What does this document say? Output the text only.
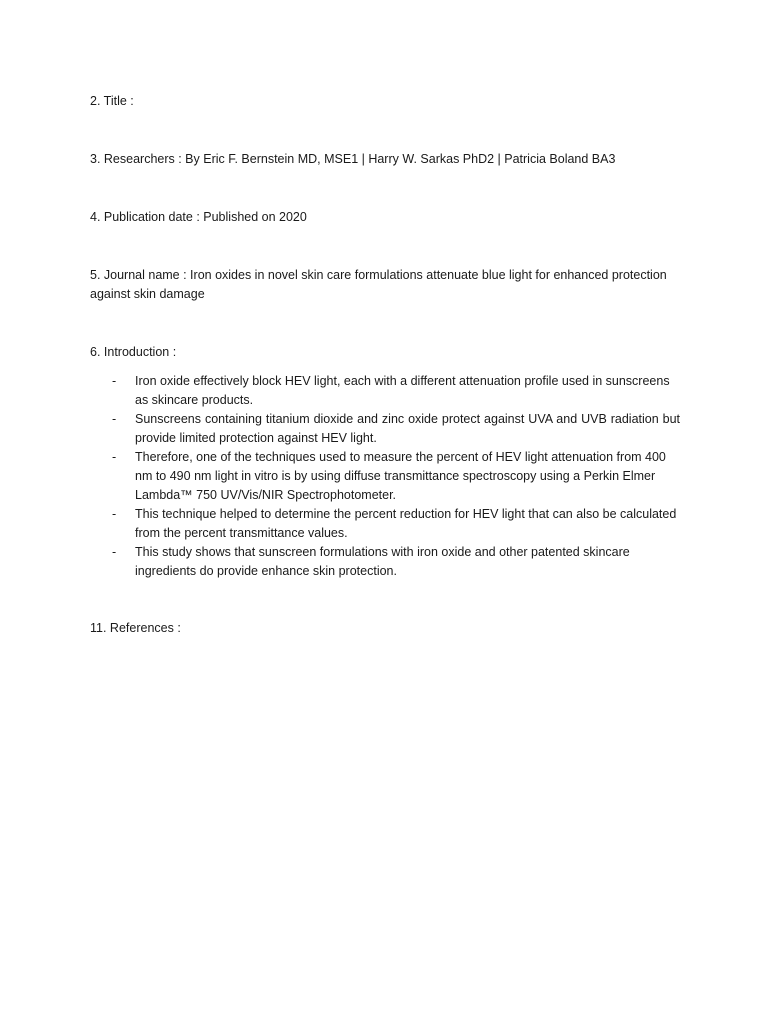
2. Title :
3. Researchers : By Eric F. Bernstein MD, MSE1 | Harry W. Sarkas PhD2 | Patricia Boland BA3
4. Publication date : Published on 2020
5. Journal name : Iron oxides in novel skin care formulations attenuate blue light for enhanced protection against skin damage
6. Introduction :
-	Iron oxide effectively block HEV light, each with a different attenuation profile used in sunscreens as skincare products.
-	Sunscreens containing titanium dioxide and zinc oxide protect against UVA and UVB radiation but provide limited protection against HEV light.
-	Therefore, one of the techniques used to measure the percent of HEV light attenuation from 400 nm to 490 nm light in vitro is by using diffuse transmittance spectroscopy using a Perkin Elmer Lambda™ 750 UV/Vis/NIR Spectrophotometer.
-	This technique helped to determine the percent reduction for HEV light that can also be calculated from the percent transmittance values.
-	This study shows that sunscreen formulations with iron oxide and other patented skincare ingredients do provide enhance skin protection.
11. References :
